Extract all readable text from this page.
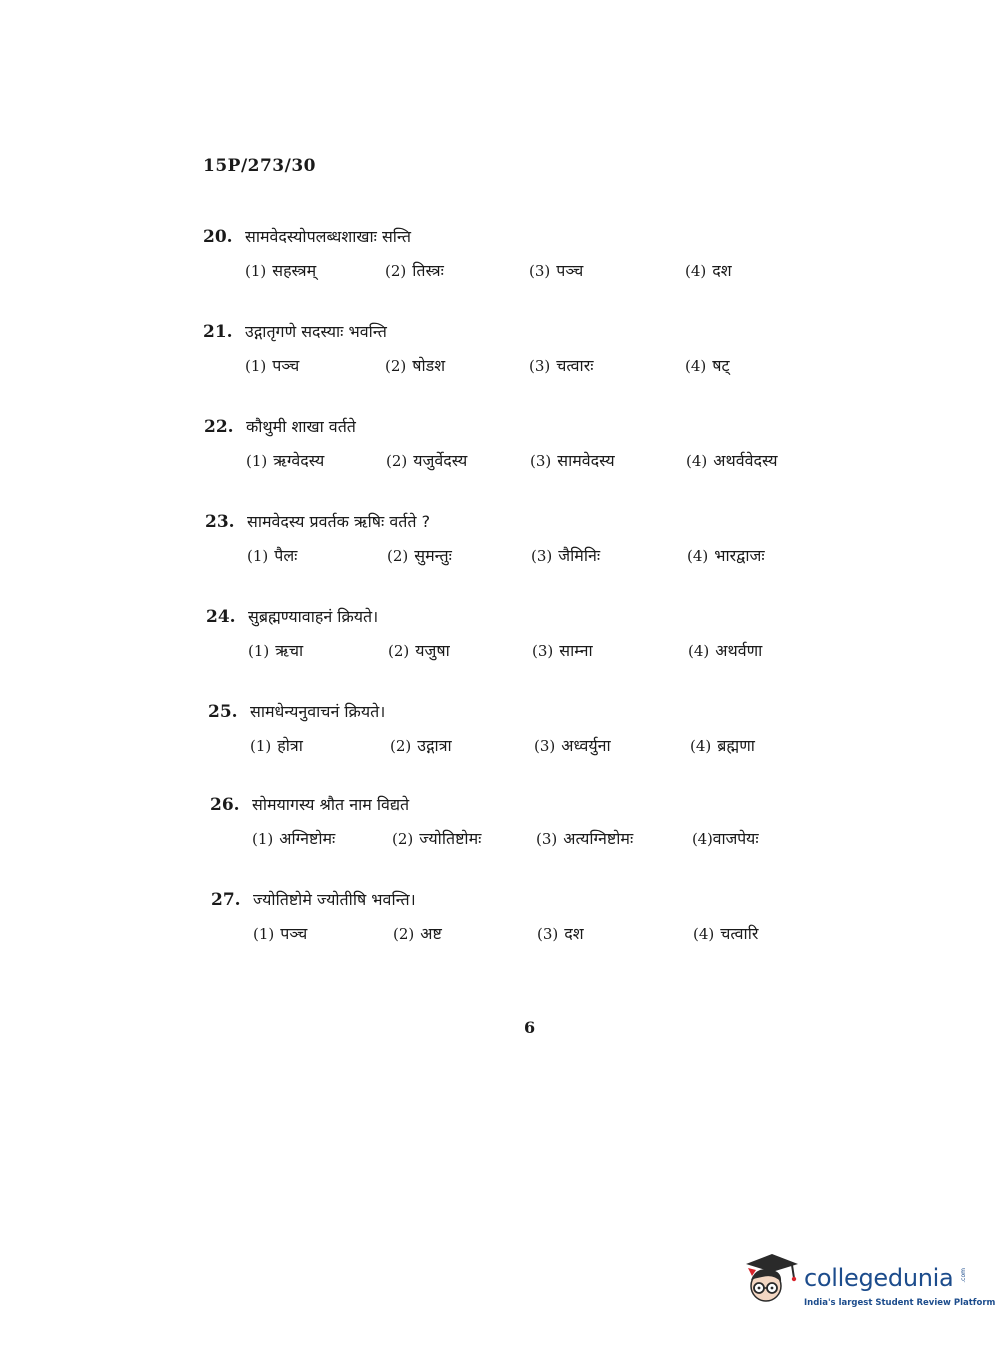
15P/273/30
20. सामवेदस्योपलब्धशाखाः सन्ति
(1) सहस्त्रम्	(2) तिस्त्रः	(3) पञ्च	(4) दश
21. उद्गातृगणे सदस्याः भवन्ति
(1) पञ्च	(2) षोडश	(3) चत्वारः	(4) षट्
22. कौथुमी शाखा वर्तते
(1) ऋग्वेदस्य	(2) यजुर्वेदस्य	(3) सामवेदस्य	(4) अथर्ववेदस्य
23. सामवेदस्य प्रवर्तक ऋषिः वर्तते ?
(1) पैलः	(2) सुमन्तुः	(3) जैमिनिः	(4) भारद्वाजः
24. सुब्रह्मण्यावाहनं क्रियते।
(1) ऋचा	(2) यजुषा	(3) साम्ना	(4) अथर्वणा
25. सामधेन्यनुवाचनं क्रियते।
(1) होत्रा	(2) उद्गात्रा	(3) अध्वर्युना	(4) ब्रह्मणा
26. सोमयागस्य श्रौत नाम विद्यते
(1) अग्निष्टोमः	(2) ज्योतिष्टोमः	(3) अत्यग्निष्टोमः	(4)वाजपेयः
27. ज्योतिष्टोमे ज्योतीषि भवन्ति।
(1) पञ्च	(2) अष्ट	(3) दश	(4) चत्वारि
6
collegedunia .com
India's largest Student Review Platform
